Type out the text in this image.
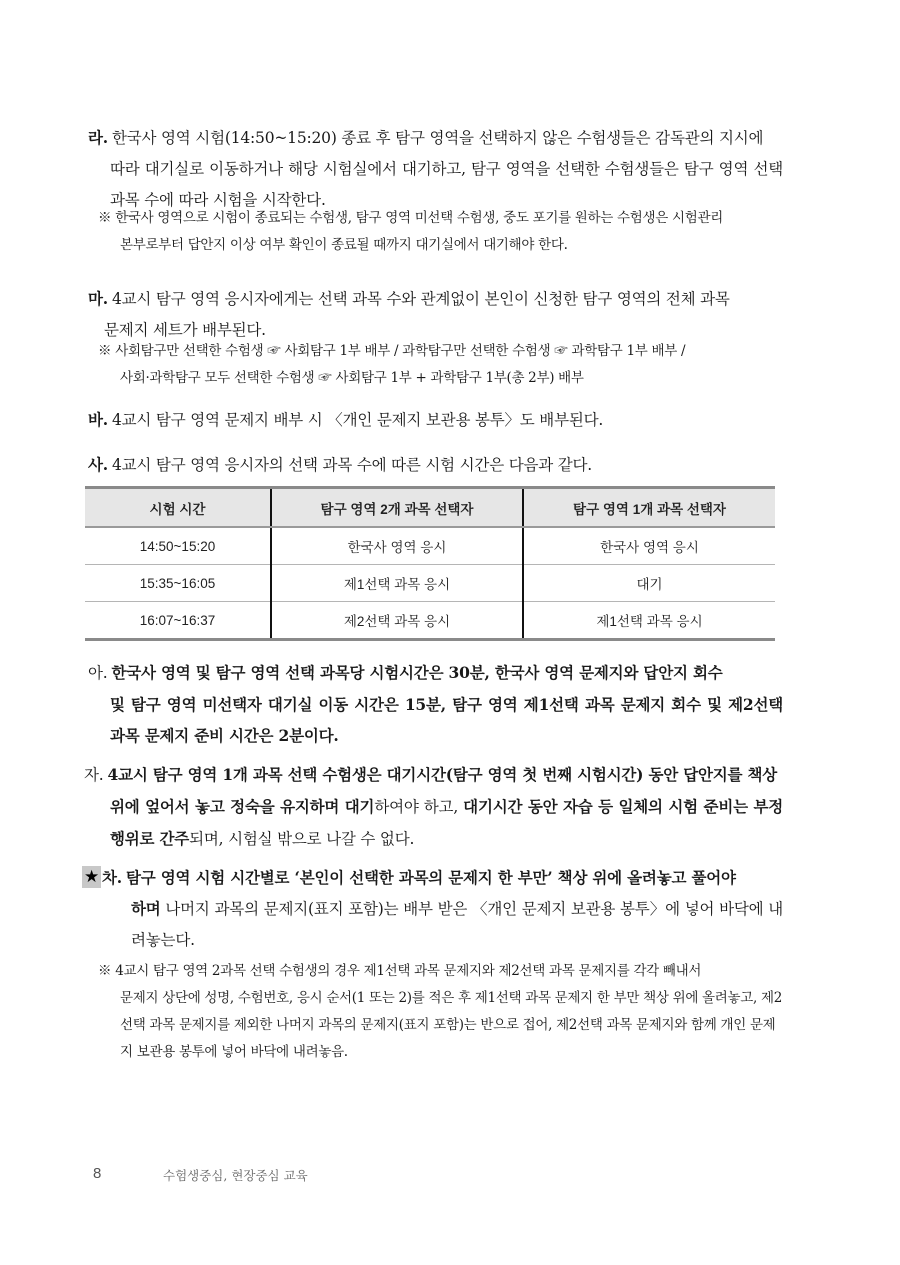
라. 한국사 영역 시험(14:50~15:20) 종료 후 탐구 영역을 선택하지 않은 수험생들은 감독관의 지시에
따라 대기실로 이동하거나 해당 시험실에서 대기하고, 탐구 영역을 선택한 수험생들은 탐구 영역 선택 과목 수에 따라 시험을 시작한다.
※ 한국사 영역으로 시험이 종료되는 수험생, 탐구 영역 미선택 수험생, 중도 포기를 원하는 수험생은 시험관리
본부로부터 답안지 이상 여부 확인이 종료될 때까지 대기실에서 대기해야 한다.
마. 4교시 탐구 영역 응시자에게는 선택 과목 수와 관계없이 본인이 신청한 탐구 영역의 전체 과목
문제지 세트가 배부된다.
※ 사회탐구만 선택한 수험생 ☞ 사회탐구 1부 배부 / 과학탐구만 선택한 수험생 ☞ 과학탐구 1부 배부 /
사회·과학탐구 모두 선택한 수험생 ☞ 사회탐구 1부 + 과학탐구 1부(총 2부) 배부
바. 4교시 탐구 영역 문제지 배부 시 〈개인 문제지 보관용 봉투〉도 배부된다.
사. 4교시 탐구 영역 응시자의 선택 과목 수에 따른 시험 시간은 다음과 같다.
시험 시간	탐구 영역 2개 과목 선택자	탐구 영역 1개 과목 선택자
14:50~15:20	한국사 영역 응시	한국사 영역 응시
15:35~16:05	제1선택 과목 응시	대기
16:07~16:37	제2선택 과목 응시	제1선택 과목 응시
아. 한국사 영역 및 탐구 영역 선택 과목당 시험시간은 30분, 한국사 영역 문제지와 답안지 회수
및 탐구 영역 미선택자 대기실 이동 시간은 15분, 탐구 영역 제1선택 과목 문제지 회수 및 제2선택 과목 문제지 준비 시간은 2분이다.
자. 4교시 탐구 영역 1개 과목 선택 수험생은 대기시간(탐구 영역 첫 번째 시험시간) 동안 답안지를 책상
위에 엎어서 놓고 정숙을 유지하며 대기하여야 하고, 대기시간 동안 자습 등 일체의 시험 준비는 부정행위로 간주되며, 시험실 밖으로 나갈 수 없다.
★ 차. 탐구 영역 시험 시간별로 ‘본인이 선택한 과목의 문제지 한 부만’ 책상 위에 올려놓고 풀어야
하며 나머지 과목의 문제지(표지 포함)는 배부 받은 〈개인 문제지 보관용 봉투〉에 넣어 바닥에 내려놓는다.
※ 4교시 탐구 영역 2과목 선택 수험생의 경우 제1선택 과목 문제지와 제2선택 과목 문제지를 각각 빼내서
문제지 상단에 성명, 수험번호, 응시 순서(1 또는 2)를 적은 후 제1선택 과목 문제지 한 부만 책상 위에 올려놓고, 제2선택 과목 문제지를 제외한 나머지 과목의 문제지(표지 포함)는 반으로 접어, 제2선택 과목 문제지와 함께 개인 문제지 보관용 봉투에 넣어 바닥에 내려놓음.
8	수험생중심, 현장중심 교육
